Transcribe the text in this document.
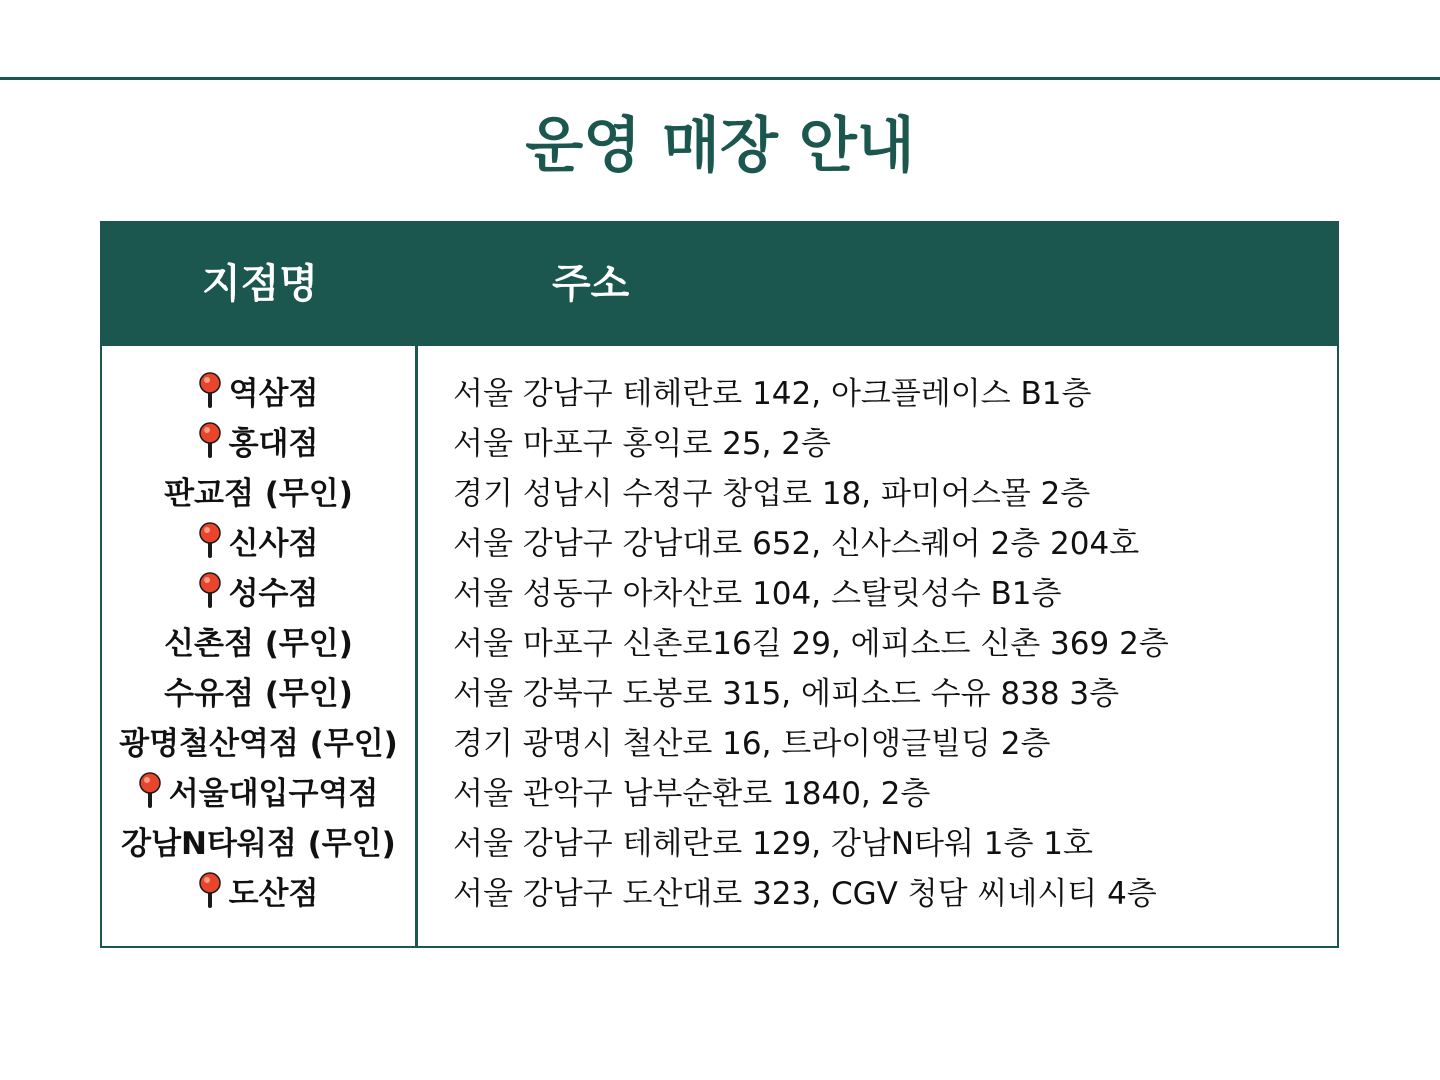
운영 매장 안내
지점명	주소
역삼점
홍대점
판교점 (무인)
신사점
성수점
신촌점 (무인)
수유점 (무인)
광명철산역점 (무인)
서울대입구역점
강남N타워점 (무인)
도산점
서울 강남구 테헤란로 142, 아크플레이스 B1층
서울 마포구 홍익로 25, 2층
경기 성남시 수정구 창업로 18, 파미어스몰 2층
서울 강남구 강남대로 652, 신사스퀘어 2층 204호
서울 성동구 아차산로 104, 스탈릿성수 B1층
서울 마포구 신촌로16길 29, 에피소드 신촌 369 2층
서울 강북구 도봉로 315, 에피소드 수유 838 3층
경기 광명시 철산로 16, 트라이앵글빌딩 2층
서울 관악구 남부순환로 1840, 2층
서울 강남구 테헤란로 129, 강남N타워 1층 1호
서울 강남구 도산대로 323, CGV 청담 씨네시티 4층
